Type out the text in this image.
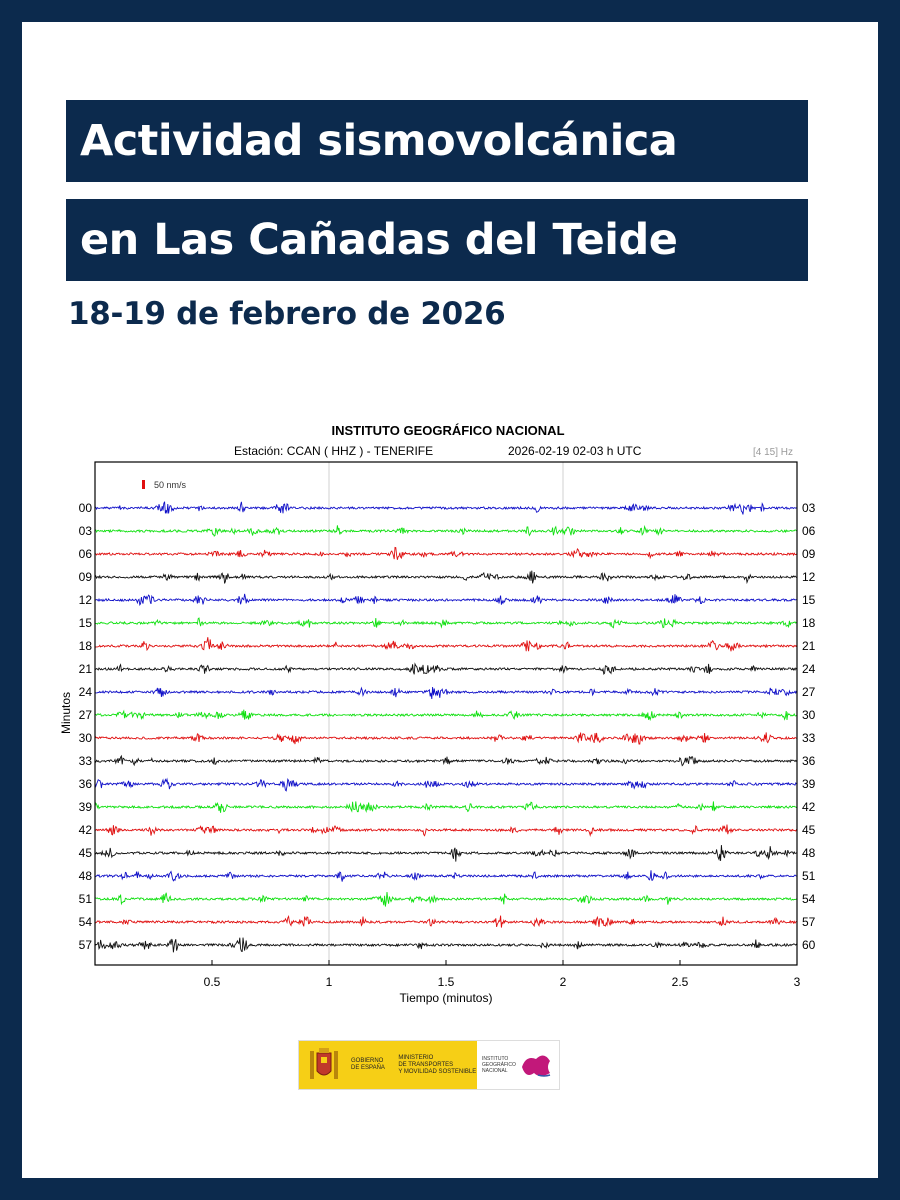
Actividad sismovolcánica
en Las Cañadas del Teide
18-19 de febrero de 2026
INSTITUTO GEOGRÁFICO NACIONAL
Estación: CCAN ( HHZ ) - TENERIFE	2026-02-19 02-03 h UTC	[4 15] Hz
50 nm/s
00
03
06
09
12
15
18
21
24
27
30
33
36
39
42
45
48
51
54
57
03
06
09
12
15
18
21
24
27
30
33
36
39
42
45
48
51
54
57
60
0.5	1	1.5	2	2.5	3
Tiempo (minutos)
Minutos
GOBIERNO
DE ESPAÑA
MINISTERIO
DE TRANSPORTES
Y MOVILIDAD SOSTENIBLE
INSTITUTO
GEOGRÁFICO
NACIONAL
